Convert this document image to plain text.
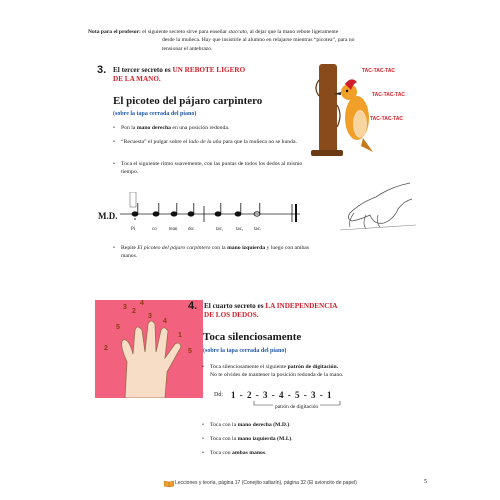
Nota para el profesor: el siguiente secreto sirve para enseñar staccato, al dejar que la mano rebote ligeramente
desde la muñeca. Hay que insistirle al alumno en relajarse mientras “picotea”, para no
tensionar el antebrazo.
3. El tercer secreto es UN REBOTE LIGERO
DE LA MANO.
El picoteo del pájaro carpintero
(sobre la tapa cerrada del piano)
• Pon la mano derecha en una posición redonda.
• “Recuesta” el pulgar sobre el lado de la uña para que la muñeca no se hunda.
• Toca el siguiente ritmo suavemente, con las puntas de todos los dedos al mismo tiempo.
M.D.
Pi	co tean do:	tac,	tac, tac.
• Repite El picoteo del pájaro carpintero con la mano izquierda y luego con ambas manos.
TAC-TAC-TAC
TAC-TAC-TAC
TAC-TAC-TAC
5
2
3
4
1
2
3
4
5
4. El cuarto secreto es LA INDEPENDENCIA
DE LOS DEDOS.
Toca silenciosamente
(sobre la tapa cerrada del piano)
• Toca silenciosamente el siguiente patrón de digitación.
No te olvides de mantener la posición redonda de la mano.
Dd: 1 - 2 - 3 - 4 - 5 - 3 - 1
patrón de digitación
• Toca con la mano derecha (M.D.).
• Toca con la mano izquierda (M.I.).
• Toca con ambas manos.
Lecciones y teoría, página 17 (Conejito saltarín), página 32 (El avioncito de papel)	5
